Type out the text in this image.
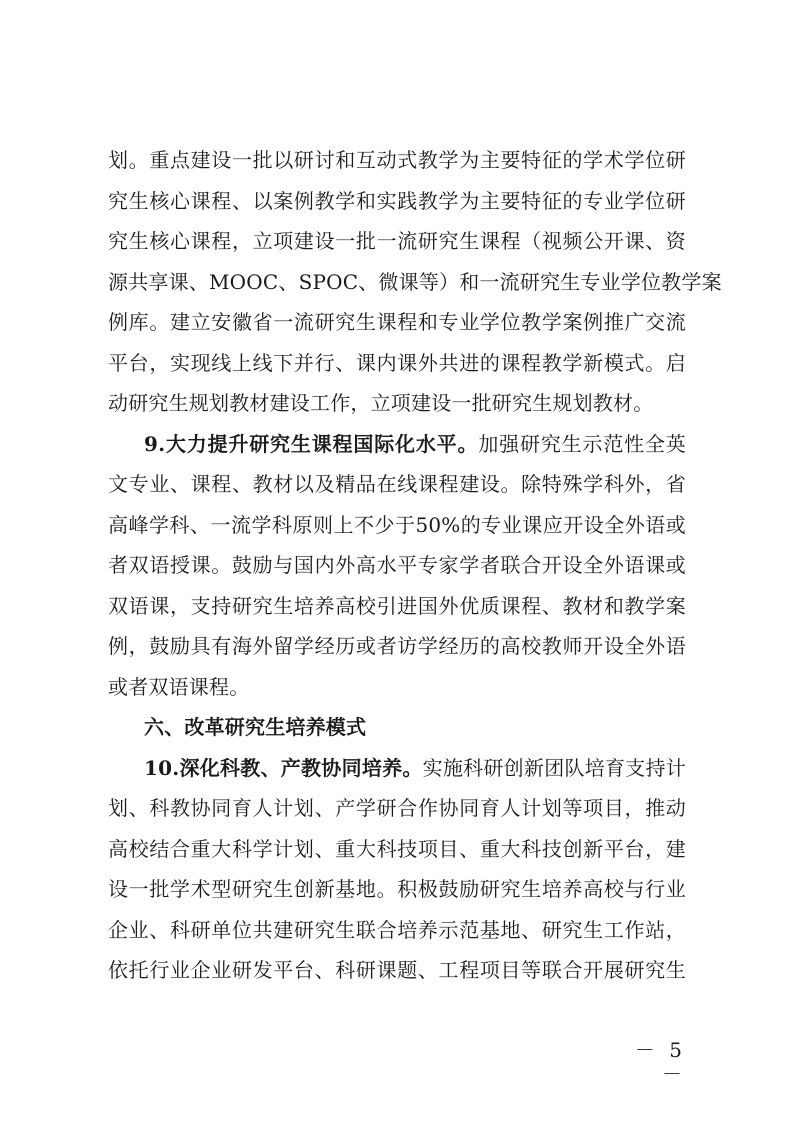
划。重点建设一批以研讨和互动式教学为主要特征的学术学位研
究生核心课程、以案例教学和实践教学为主要特征的专业学位研
究生核心课程，立项建设一批一流研究生课程（视频公开课、资
源共享课、MOOC、SPOC、微课等）和一流研究生专业学位教学案
例库。建立安徽省一流研究生课程和专业学位教学案例推广交流
平台，实现线上线下并行、课内课外共进的课程教学新模式。启
动研究生规划教材建设工作，立项建设一批研究生规划教材。
9.大力提升研究生课程国际化水平。加强研究生示范性全英
文专业、课程、教材以及精品在线课程建设。除特殊学科外，省
高峰学科、一流学科原则上不少于50%的专业课应开设全外语或
者双语授课。鼓励与国内外高水平专家学者联合开设全外语课或
双语课，支持研究生培养高校引进国外优质课程、教材和教学案
例，鼓励具有海外留学经历或者访学经历的高校教师开设全外语
或者双语课程。
六、改革研究生培养模式
10.深化科教、产教协同培养。实施科研创新团队培育支持计
划、科教协同育人计划、产学研合作协同育人计划等项目，推动
高校结合重大科学计划、重大科技项目、重大科技创新平台，建
设一批学术型研究生创新基地。积极鼓励研究生培养高校与行业
企业、科研单位共建研究生联合培养示范基地、研究生工作站，
依托行业企业研发平台、科研课题、工程项目等联合开展研究生
－ 5 －
